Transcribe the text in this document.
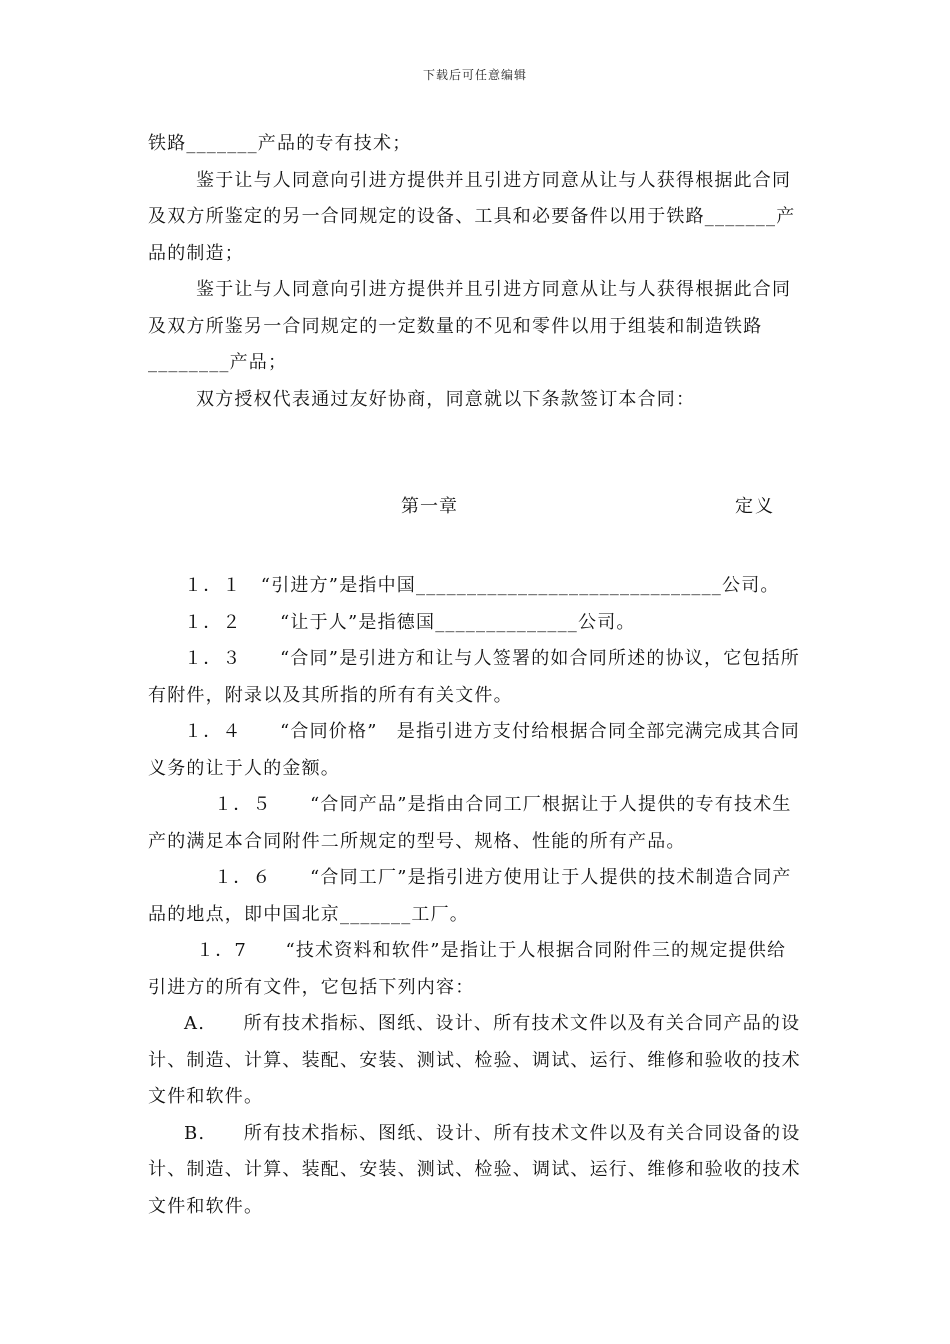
下载后可任意编辑

铁路_______产品的专有技术；

鉴于让与人同意向引进方提供并且引进方同意从让与人获得根据此合同及双方所鉴定的另一合同规定的设备、工具和必要备件以用于铁路_______产品的制造；

鉴于让与人同意向引进方提供并且引进方同意从让与人获得根据此合同及双方所鉴另一合同规定的一定数量的不见和零件以用于组装和制造铁路________产品；

双方授权代表通过友好协商，同意就以下条款签订本合同：

第一章	定义

１．１　“引进方”是指中国______________________________公司。

１．２　　“让于人”是指德国______________公司。

１．３　　“合同”是引进方和让与人签署的如合同所述的协议，它包括所有附件，附录以及其所指的所有有关文件。

１．４　　“合同价格”　是指引进方支付给根据合同全部完满完成其合同义务的让于人的金额。

１．５　　“合同产品”是指由合同工厂根据让于人提供的专有技术生产的满足本合同附件二所规定的型号、规格、性能的所有产品。

１．６　　“合同工厂”是指引进方使用让于人提供的技术制造合同产品的地点，即中国北京_______工厂。

１．7　　“技术资料和软件”是指让于人根据合同附件三的规定提供给引进方的所有文件，它包括下列内容：

A.　　所有技术指标、图纸、设计、所有技术文件以及有关合同产品的设计、制造、计算、装配、安装、测试、检验、调试、运行、维修和验收的技术文件和软件。

B.　　所有技术指标、图纸、设计、所有技术文件以及有关合同设备的设计、制造、计算、装配、安装、测试、检验、调试、运行、维修和验收的技术文件和软件。
